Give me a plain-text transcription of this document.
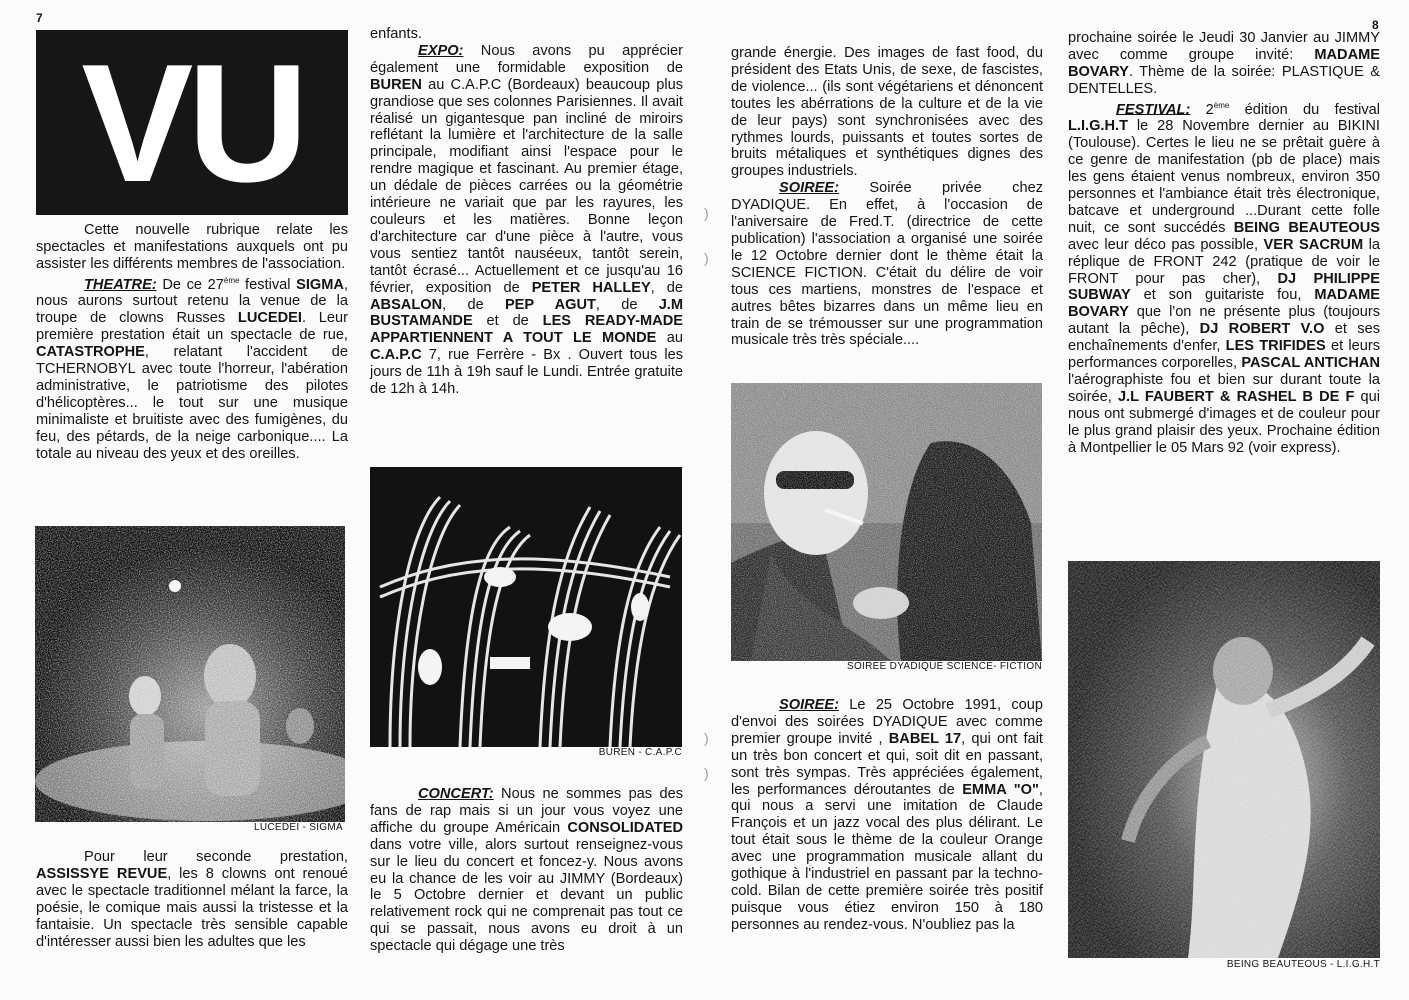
7	8
VU

Cette nouvelle rubrique relate les spectacles et manifestations auxquels ont pu assister les différents membres de l'association.

THEATRE: De ce 27ème festival SIGMA, nous aurons surtout retenu la venue de la troupe de clowns Russes LUCEDEI. Leur première prestation était un spectacle de rue, CATASTROPHE, relatant l'accident de TCHERNOBYL avec toute l'horreur, l'abération administrative, le patriotisme des pilotes d'hélicoptères... le tout sur une musique minimaliste et bruitiste avec des fumigènes, du feu, des pétards, de la neige carbonique.... La totale au niveau des yeux et des oreilles.

LUCEDEI - SIGMA

Pour leur seconde prestation, ASSISSYE REVUE, les 8 clowns ont renoué avec le spectacle traditionnel mélant la farce, la poésie, le comique mais aussi la tristesse et la fantaisie. Un spectacle très sensible capable d'intéresser aussi bien les adultes que les

enfants.

EXPO: Nous avons pu apprécier également une formidable exposition de BUREN au C.A.P.C (Bordeaux) beaucoup plus grandiose que ses colonnes Parisiennes. Il avait réalisé un gigantesque pan incliné de miroirs reflétant la lumière et l'architecture de la salle principale, modifiant ainsi l'espace pour le rendre magique et fascinant. Au premier étage, un dédale de pièces carrées ou la géométrie intérieure ne variait que par les rayures, les couleurs et les matières. Bonne leçon d'architecture car d'une pièce à l'autre, vous vous sentiez tantôt nauséeux, tantôt serein, tantôt écrasé... Actuellement et ce jusqu'au 16 février, exposition de PETER HALLEY, de ABSALON, de PEP AGUT, de J.M BUSTAMANDE et de LES READY-MADE APPARTIENNENT A TOUT LE MONDE au C.A.P.C 7, rue Ferrère - Bx . Ouvert tous les jours de 11h à 19h sauf le Lundi. Entrée gratuite de 12h à 14h.

BUREN - C.A.P.C

CONCERT: Nous ne sommes pas des fans de rap mais si un jour vous voyez une affiche du groupe Américain CONSOLIDATED dans votre ville, alors surtout renseignez-vous sur le lieu du concert et foncez-y. Nous avons eu la chance de les voir au JIMMY (Bordeaux) le 5 Octobre dernier et devant un public relativement rock qui ne comprenait pas tout ce qui se passait, nous avons eu droit à un spectacle qui dégage une très

grande énergie. Des images de fast food, du président des Etats Unis, de sexe, de fascistes, de violence... (ils sont végétariens et dénoncent toutes les abérrations de la culture et de la vie de leur pays) sont synchronisées avec des rythmes lourds, puissants et toutes sortes de bruits métaliques et synthétiques dignes des groupes industriels.

SOIREE: Soirée privée chez DYADIQUE. En effet, à l'occasion de l'aniversaire de Fred.T. (directrice de cette publication) l'association a organisé une soirée le 12 Octobre dernier dont le thème était la SCIENCE FICTION. C'était du délire de voir tous ces martiens, monstres de l'espace et autres bêtes bizarres dans un même lieu en train de se trémousser sur une programmation musicale très très spéciale....

SOIREE DYADIQUE SCIENCE- FICTION

SOIREE: Le 25 Octobre 1991, coup d'envoi des soirées DYADIQUE avec comme premier groupe invité , BABEL 17, qui ont fait un très bon concert et qui, soit dit en passant, sont très sympas. Très appréciées également, les performances déroutantes de EMMA "O", qui nous a servi une imitation de Claude François et un jazz vocal des plus délirant. Le tout était sous le thème de la couleur Orange avec une programmation musicale allant du gothique à l'industriel en passant par la techno-cold. Bilan de cette première soirée très positif puisque vous étiez environ 150 à 180 personnes au rendez-vous. N'oubliez pas la

prochaine soirée le Jeudi 30 Janvier au JIMMY avec comme groupe invité: MADAME BOVARY. Thème de la soirée: PLASTIQUE & DENTELLES.

FESTIVAL: 2ème édition du festival L.I.G.H.T le 28 Novembre dernier au BIKINI (Toulouse). Certes le lieu ne se prêtait guère à ce genre de manifestation (pb de place) mais les gens étaient venus nombreux, environ 350 personnes et l'ambiance était très électronique, batcave et underground ...Durant cette folle nuit, ce sont succédés BEING BEAUTEOUS avec leur déco pas possible, VER SACRUM la réplique de FRONT 242 (pratique de voir le FRONT pour pas cher), DJ PHILIPPE SUBWAY et son guitariste fou, MADAME BOVARY que l'on ne présente plus (toujours autant la pêche), DJ ROBERT V.O et ses enchaînements d'enfer, LES TRIFIDES et leurs performances corporelles, PASCAL ANTICHAN l'aérographiste fou et bien sur durant toute la soirée, J.L FAUBERT & RASHEL B DE F qui nous ont submergé d'images et de couleur pour le plus grand plaisir des yeux. Prochaine édition à Montpellier le 05 Mars 92 (voir express).

BEING BEAUTEOUS - L.I.G.H.T
)
)
)
)
